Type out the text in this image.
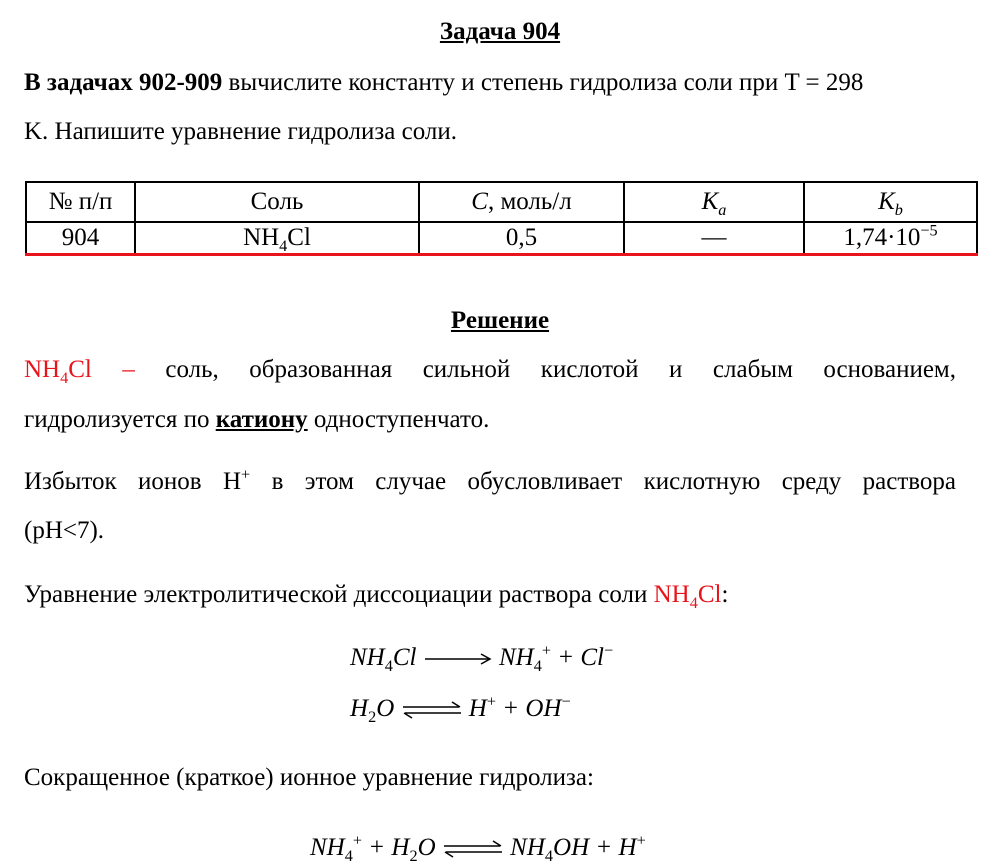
Задача 904
В задачах 902-909 вычислите константу и степень гидролиза соли при T = 298
K. Напишите уравнение гидролиза соли.
№ п/п	Соль	C, моль/л	$K_a$	$K_b$
904	$NH_4Cl$	0,5	—	$1,74\cdot 10^{-5}$
Решение
$NH_4Cl$ – соль, образованная сильной кислотой и слабым основанием,
гидролизуется по катиону одноступенчато.
Избыток ионов H+ в этом случае обусловливает кислотную среду раствора
(pH<7).
Уравнение электролитической диссоциации раствора соли $NH_4Cl$:
$NH_4Cl$	$NH_4^+ + Cl^-$
$H_2O$ ⇌ H+ + OH−
Сокращенное (краткое) ионное уравнение гидролиза:
$NH_4^+ + H_2O$ ⇌ $NH_4OH + H^+$
